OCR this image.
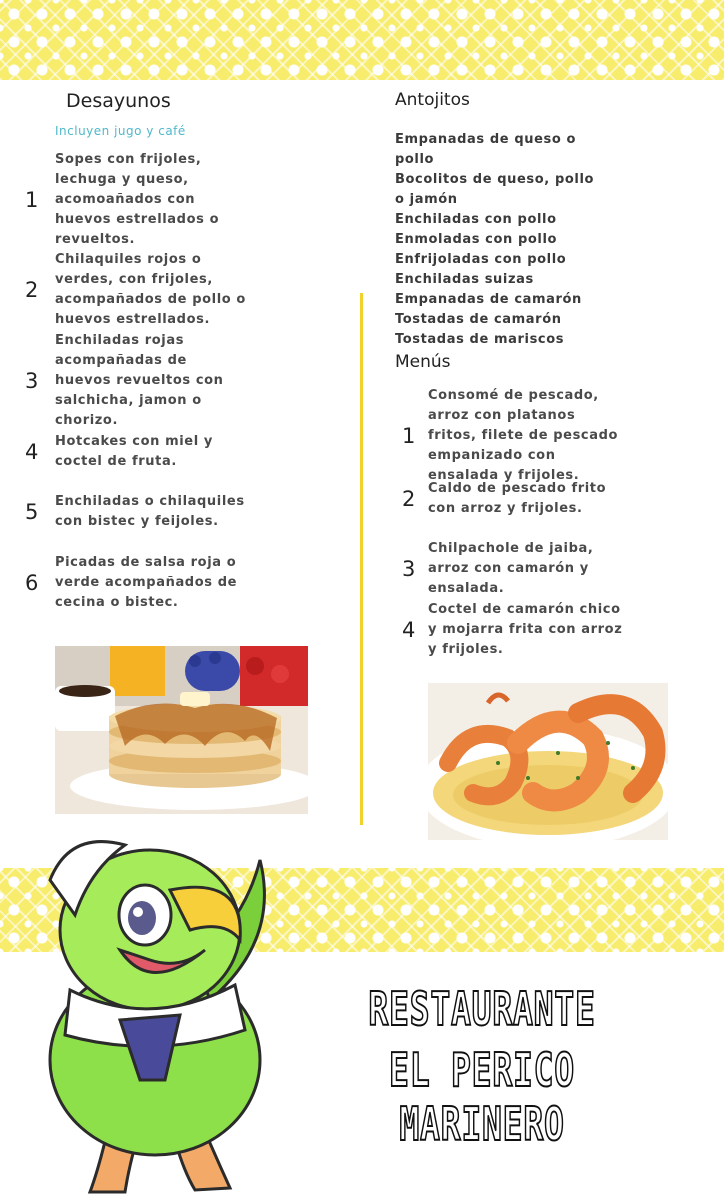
Desayunos
Incluyen jugo y café
1
Sopes con frijoles, lechuga y queso, acomoañados con huevos estrellados o revueltos.
2
Chilaquiles rojos o verdes, con frijoles, acompañados de pollo o huevos estrellados.
3
Enchiladas rojas acompañadas de huevos revueltos con salchicha, jamon o chorizo.
4	Hotcakes con miel y coctel de fruta.
5	Enchiladas o chilaquiles con bistec y feijoles.
6
Picadas de salsa roja o verde acompañados de cecina o bistec.
Antojitos
Empanadas de queso o pollo
Bocolitos de queso, pollo o jamón
Enchiladas con pollo
Enmoladas con pollo
Enfrijoladas con pollo
Enchiladas suizas
Empanadas de camarón
Tostadas de camarón
Tostadas de mariscos
Menús
1
Consomé de pescado, arroz con platanos fritos, filete de pescado empanizado con ensalada y frijoles.
2 Caldo de pescado frito con arroz y frijoles.
3
Chilpachole de jaiba, arroz con camarón y ensalada.
4
Coctel de camarón chico y mojarra frita con arroz y frijoles.
RESTAURANTE
EL PERICO MARINERO
